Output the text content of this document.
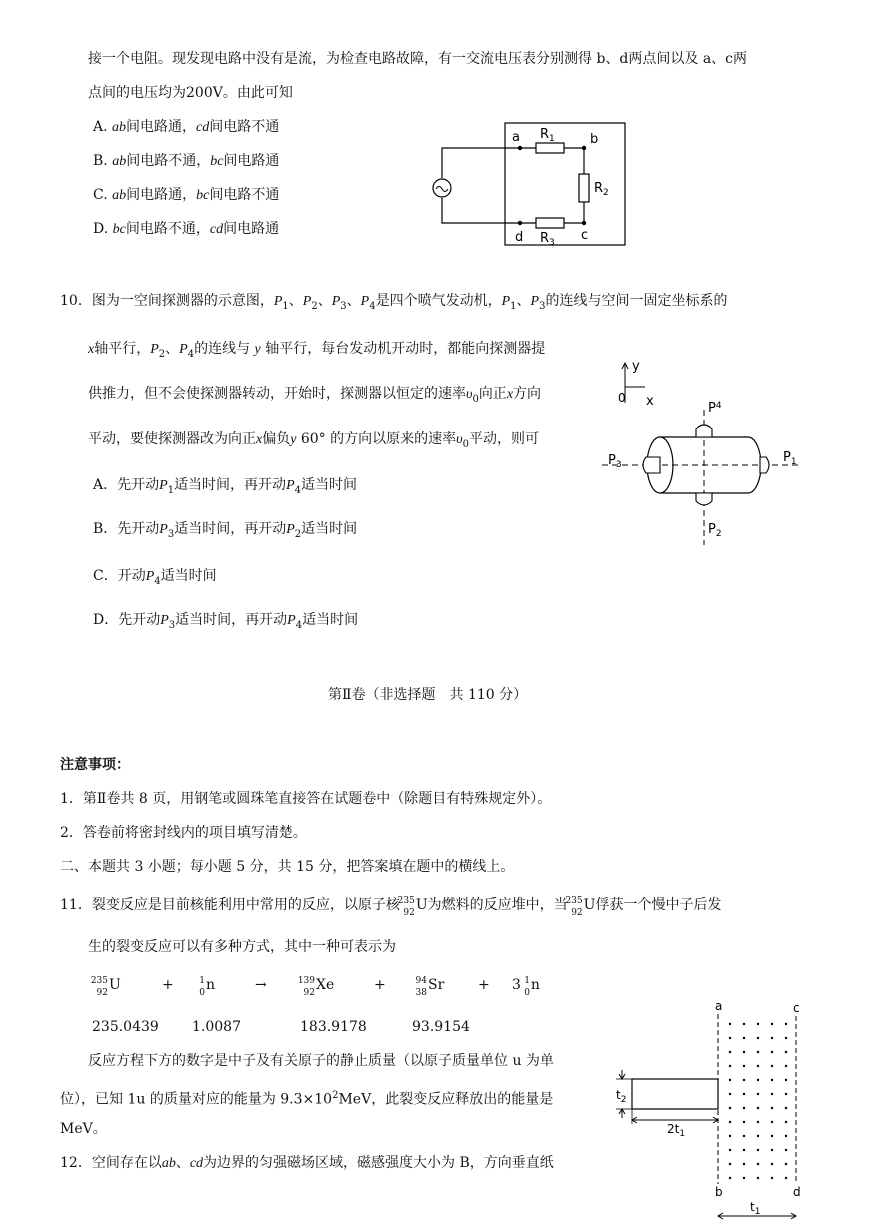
接一个电阻。现发现电路中没有是流，为检查电路故障，有一交流电压表分别测得 b、d两点间以及 a、c两
点间的电压均为200V。由此可知
A. ab间电路通，cd间电路不通
B. ab间电路不通，bc间电路通
C. ab间电路通，bc间电路不通
D. bc间电路不通，cd间电路通
a	b
d	c
$R_1$
$R_2$
$R_3$
10．图为一空间探测器的示意图，$P_1$、$P_2$、$P_3$、$P_4$是四个喷气发动机，$P_1$、$P_3$的连线与空间一固定坐标系的
x轴平行，$P_2$、$P_4$的连线与 y 轴平行，每台发动机开动时，都能向探测器提
供推力，但不会使探测器转动，开始时，探测器以恒定的速率$\upsilon_0$向正x方向
平动，要使探测器改为向正x偏负y 60° 的方向以原来的速率$\upsilon_0$平动，则可
A．先开动$P_1$适当时间，再开动$P_4$适当时间
B．先开动$P_3$适当时间，再开动$P_2$适当时间
C．开动$P_4$适当时间
D．先开动$P_3$适当时间，再开动$P_4$适当时间
y
0 x	$P^4$
$P_3$	$P_1$
$P_2$
第Ⅱ卷（非选择题　共 110 分）
注意事项：
1．第Ⅱ卷共 8 页，用钢笔或圆珠笔直接答在试题卷中（除题目有特殊规定外）。
2．答卷前将密封线内的项目填写清楚。
二、本题共 3 小题；每小题 5 分，共 15 分，把答案填在题中的横线上。
11．裂变反应是目前核能利用中常用的反应，以原子核
235
92 U为燃料的反应堆中，当
235
92 U俘获一个慢中子后发
生的裂变反应可以有多种方式，其中一种可表示为
235
92 U	+	1
0 n	→	139
92 Xe	+	94
38 Sr + 3 1
0 n
235.0439 1.0087	183.9178	93.9154
反应方程下方的数字是中子及有关原子的静止质量（以原子质量单位 u 为单
位），已知 1u 的质量对应的能量为 $9.3\times 10^2MeV$，此裂变反应释放出的能量是
MeV。
12．空间存在以ab、cd为边界的匀强磁场区域，磁感强度大小为 B，方向垂直纸
a	c
b	d
$t_2$
$2t_1$
$t_1$
